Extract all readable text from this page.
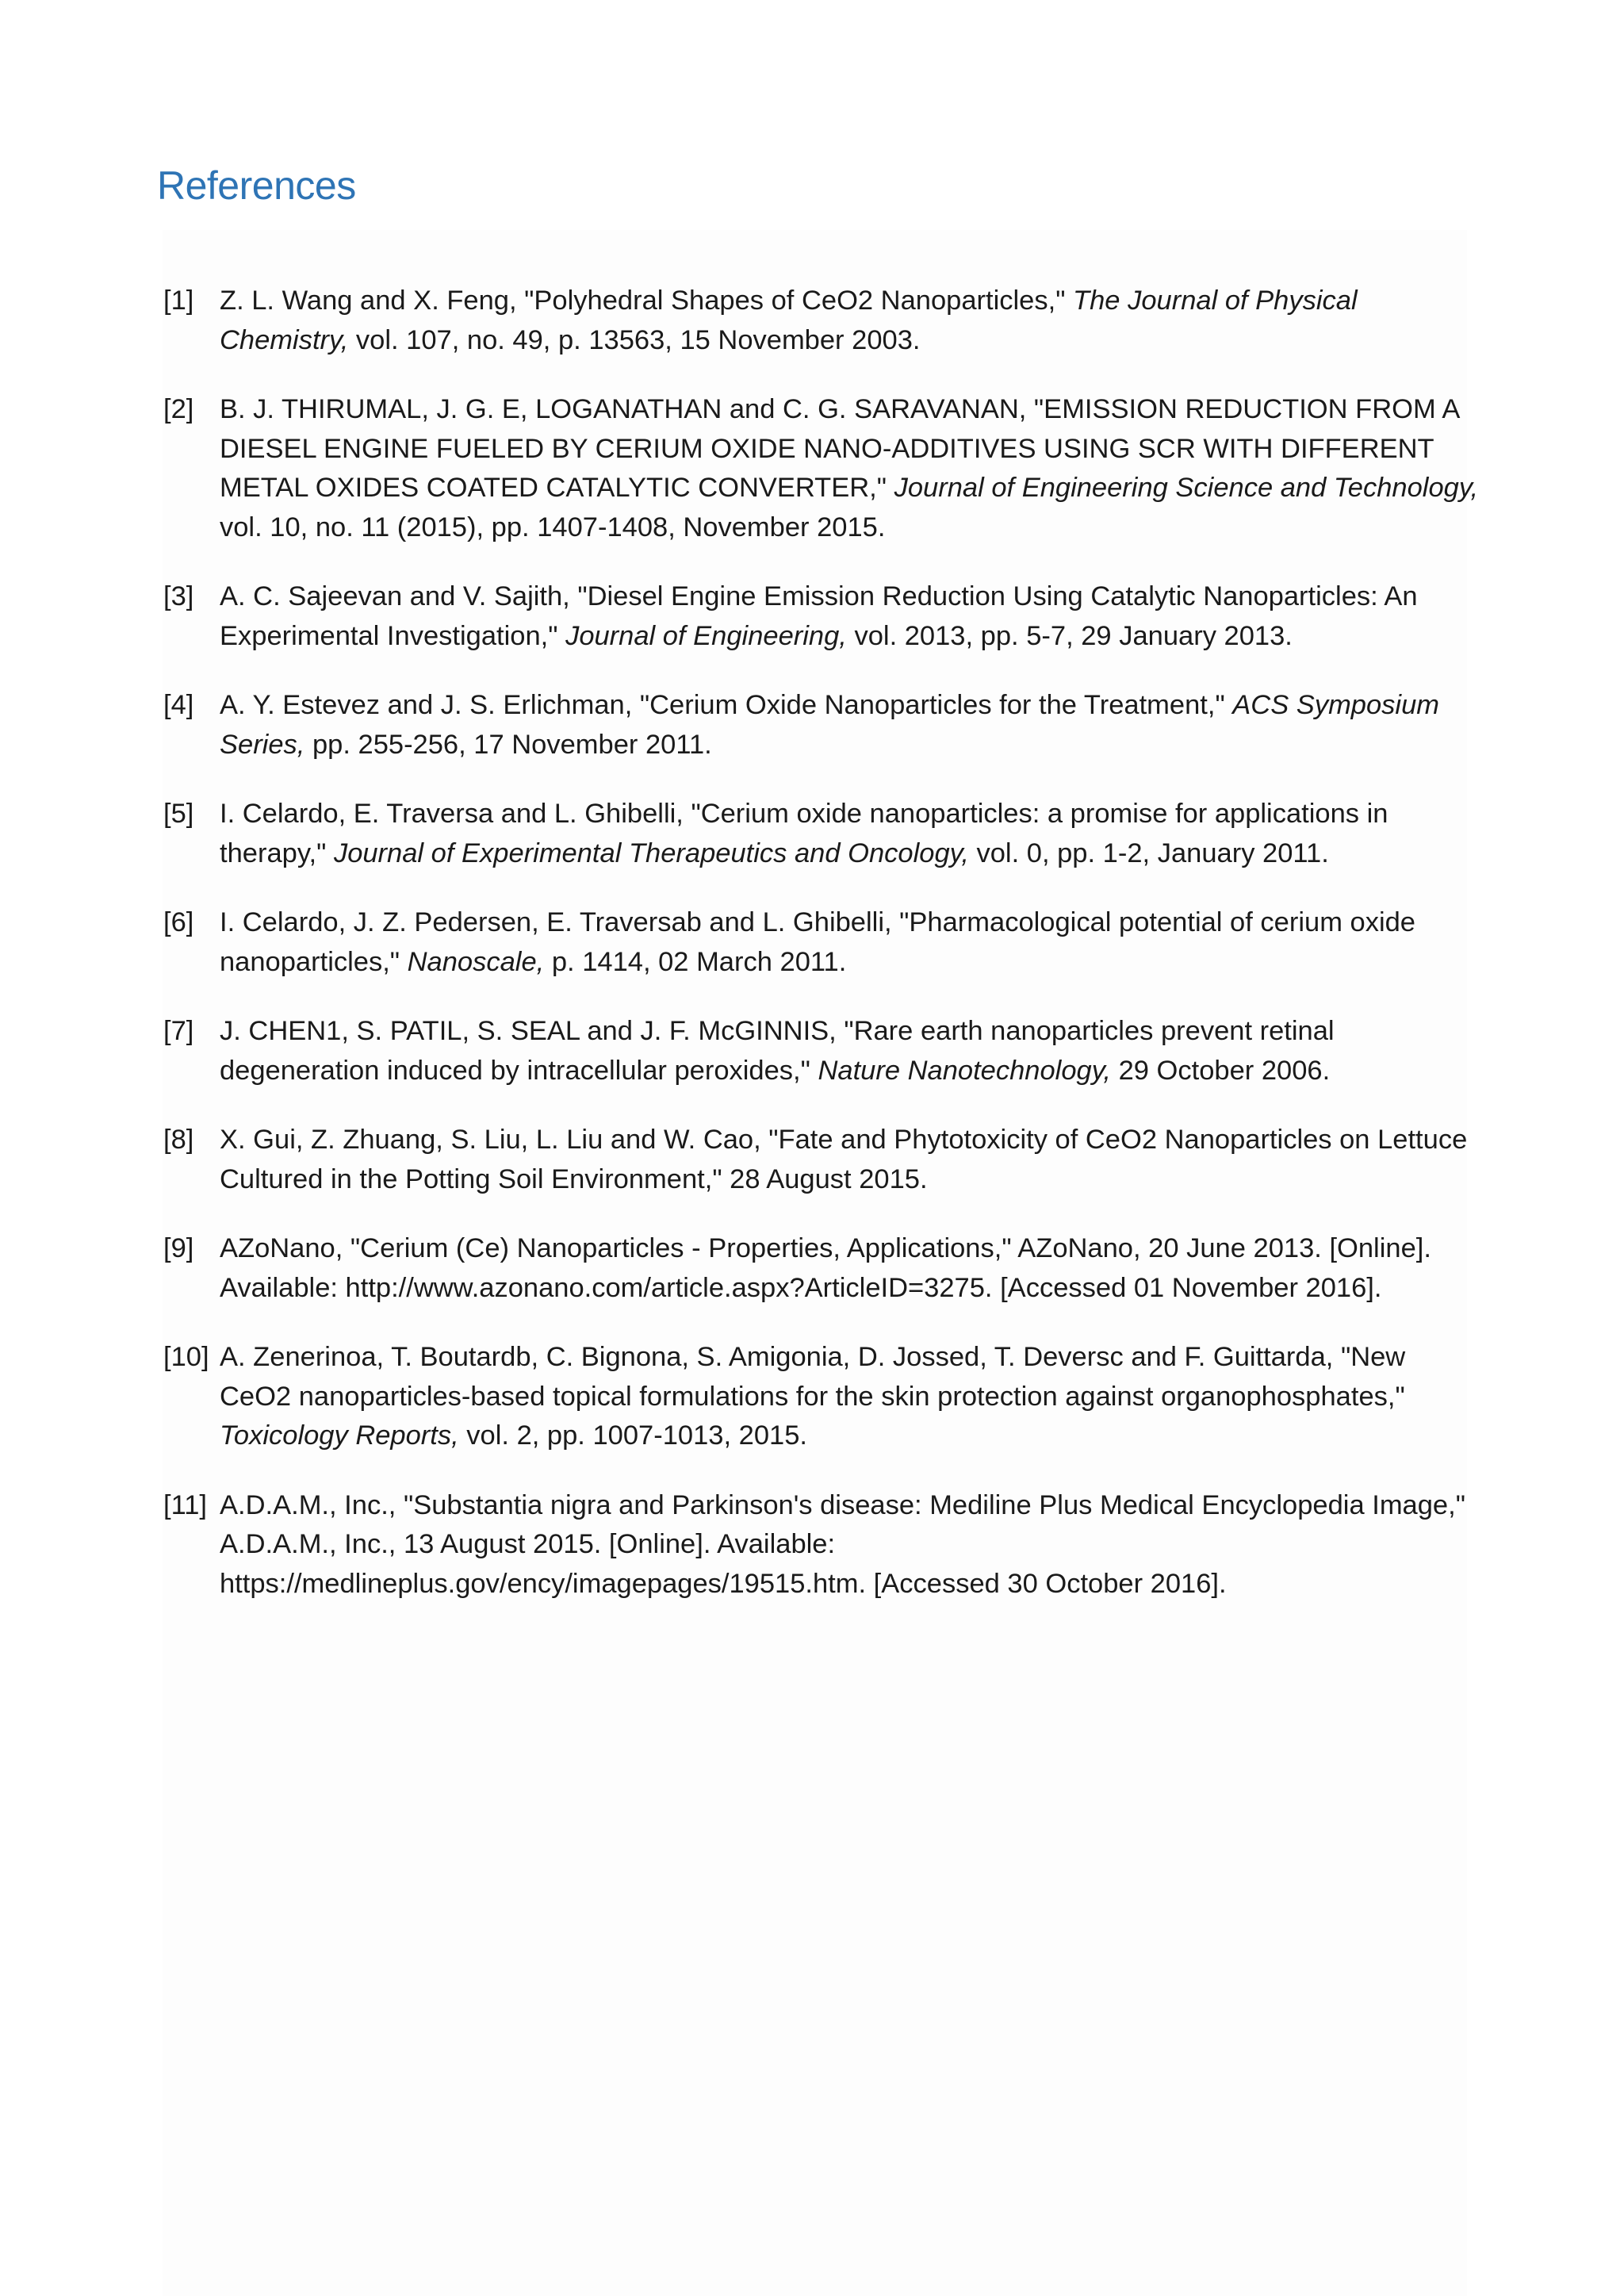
References
[1] Z. L. Wang and X. Feng, "Polyhedral Shapes of CeO2 Nanoparticles," The Journal of Physical Chemistry, vol. 107, no. 49, p. 13563, 15 November 2003.

[2] B. J. THIRUMAL, J. G. E, LOGANATHAN and C. G. SARAVANAN, "EMISSION REDUCTION FROM A DIESEL ENGINE FUELED BY CERIUM OXIDE NANO-ADDITIVES USING SCR WITH DIFFERENT METAL OXIDES COATED CATALYTIC CONVERTER," Journal of Engineering Science and Technology, vol. 10, no. 11 (2015), pp. 1407-1408, November 2015.

[3] A. C. Sajeevan and V. Sajith, "Diesel Engine Emission Reduction Using Catalytic Nanoparticles: An Experimental Investigation," Journal of Engineering, vol. 2013, pp. 5-7, 29 January 2013.

[4] A. Y. Estevez and J. S. Erlichman, "Cerium Oxide Nanoparticles for the Treatment," ACS Symposium Series, pp. 255-256, 17 November 2011.

[5] I. Celardo, E. Traversa and L. Ghibelli, "Cerium oxide nanoparticles: a promise for applications in therapy," Journal of Experimental Therapeutics and Oncology, vol. 0, pp. 1-2, January 2011.

[6] I. Celardo, J. Z. Pedersen, E. Traversab and L. Ghibelli, "Pharmacological potential of cerium oxide nanoparticles," Nanoscale, p. 1414, 02 March 2011.

[7] J. CHEN1, S. PATIL, S. SEAL and J. F. McGINNIS, "Rare earth nanoparticles prevent retinal degeneration induced by intracellular peroxides," Nature Nanotechnology, 29 October 2006.

[8] X. Gui, Z. Zhuang, S. Liu, L. Liu and W. Cao, "Fate and Phytotoxicity of CeO2 Nanoparticles on Lettuce Cultured in the Potting Soil Environment," 28 August 2015.

[9] AZoNano, "Cerium (Ce) Nanoparticles - Properties, Applications," AZoNano, 20 June 2013. [Online]. Available: http://www.azonano.com/article.aspx?ArticleID=3275. [Accessed 01 November 2016].

[10] A. Zenerinoa, T. Boutardb, C. Bignona, S. Amigonia, D. Jossed, T. Deversc and F. Guittarda, "New CeO2 nanoparticles-based topical formulations for the skin protection against organophosphates," Toxicology Reports, vol. 2, pp. 1007-1013, 2015.

[11] A.D.A.M., Inc., "Substantia nigra and Parkinson's disease: Mediline Plus Medical Encyclopedia Image," A.D.A.M., Inc., 13 August 2015. [Online]. Available: https://medlineplus.gov/ency/imagepages/19515.htm. [Accessed 30 October 2016].
